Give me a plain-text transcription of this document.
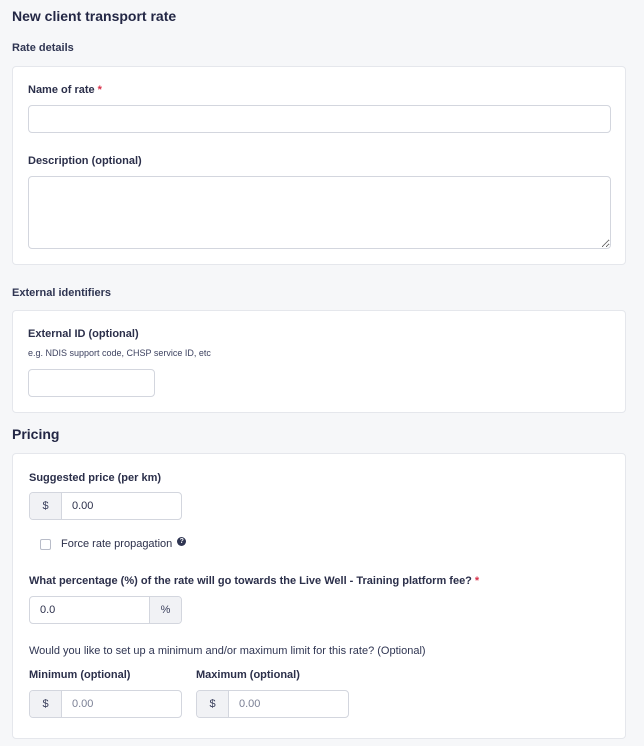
New client transport rate
Rate details
Name of rate *
Description (optional)
External identifiers
External ID (optional)
e.g. NDIS support code, CHSP service ID, etc
Pricing
Suggested price (per km)
$
0.00
Force rate propagation	?
What percentage (%) of the rate will go towards the Live Well - Training platform fee? *
0.0
%
Would you like to set up a minimum and/or maximum limit for this rate? (Optional)
Minimum (optional)
$
0.00
Maximum (optional)
$
0.00
